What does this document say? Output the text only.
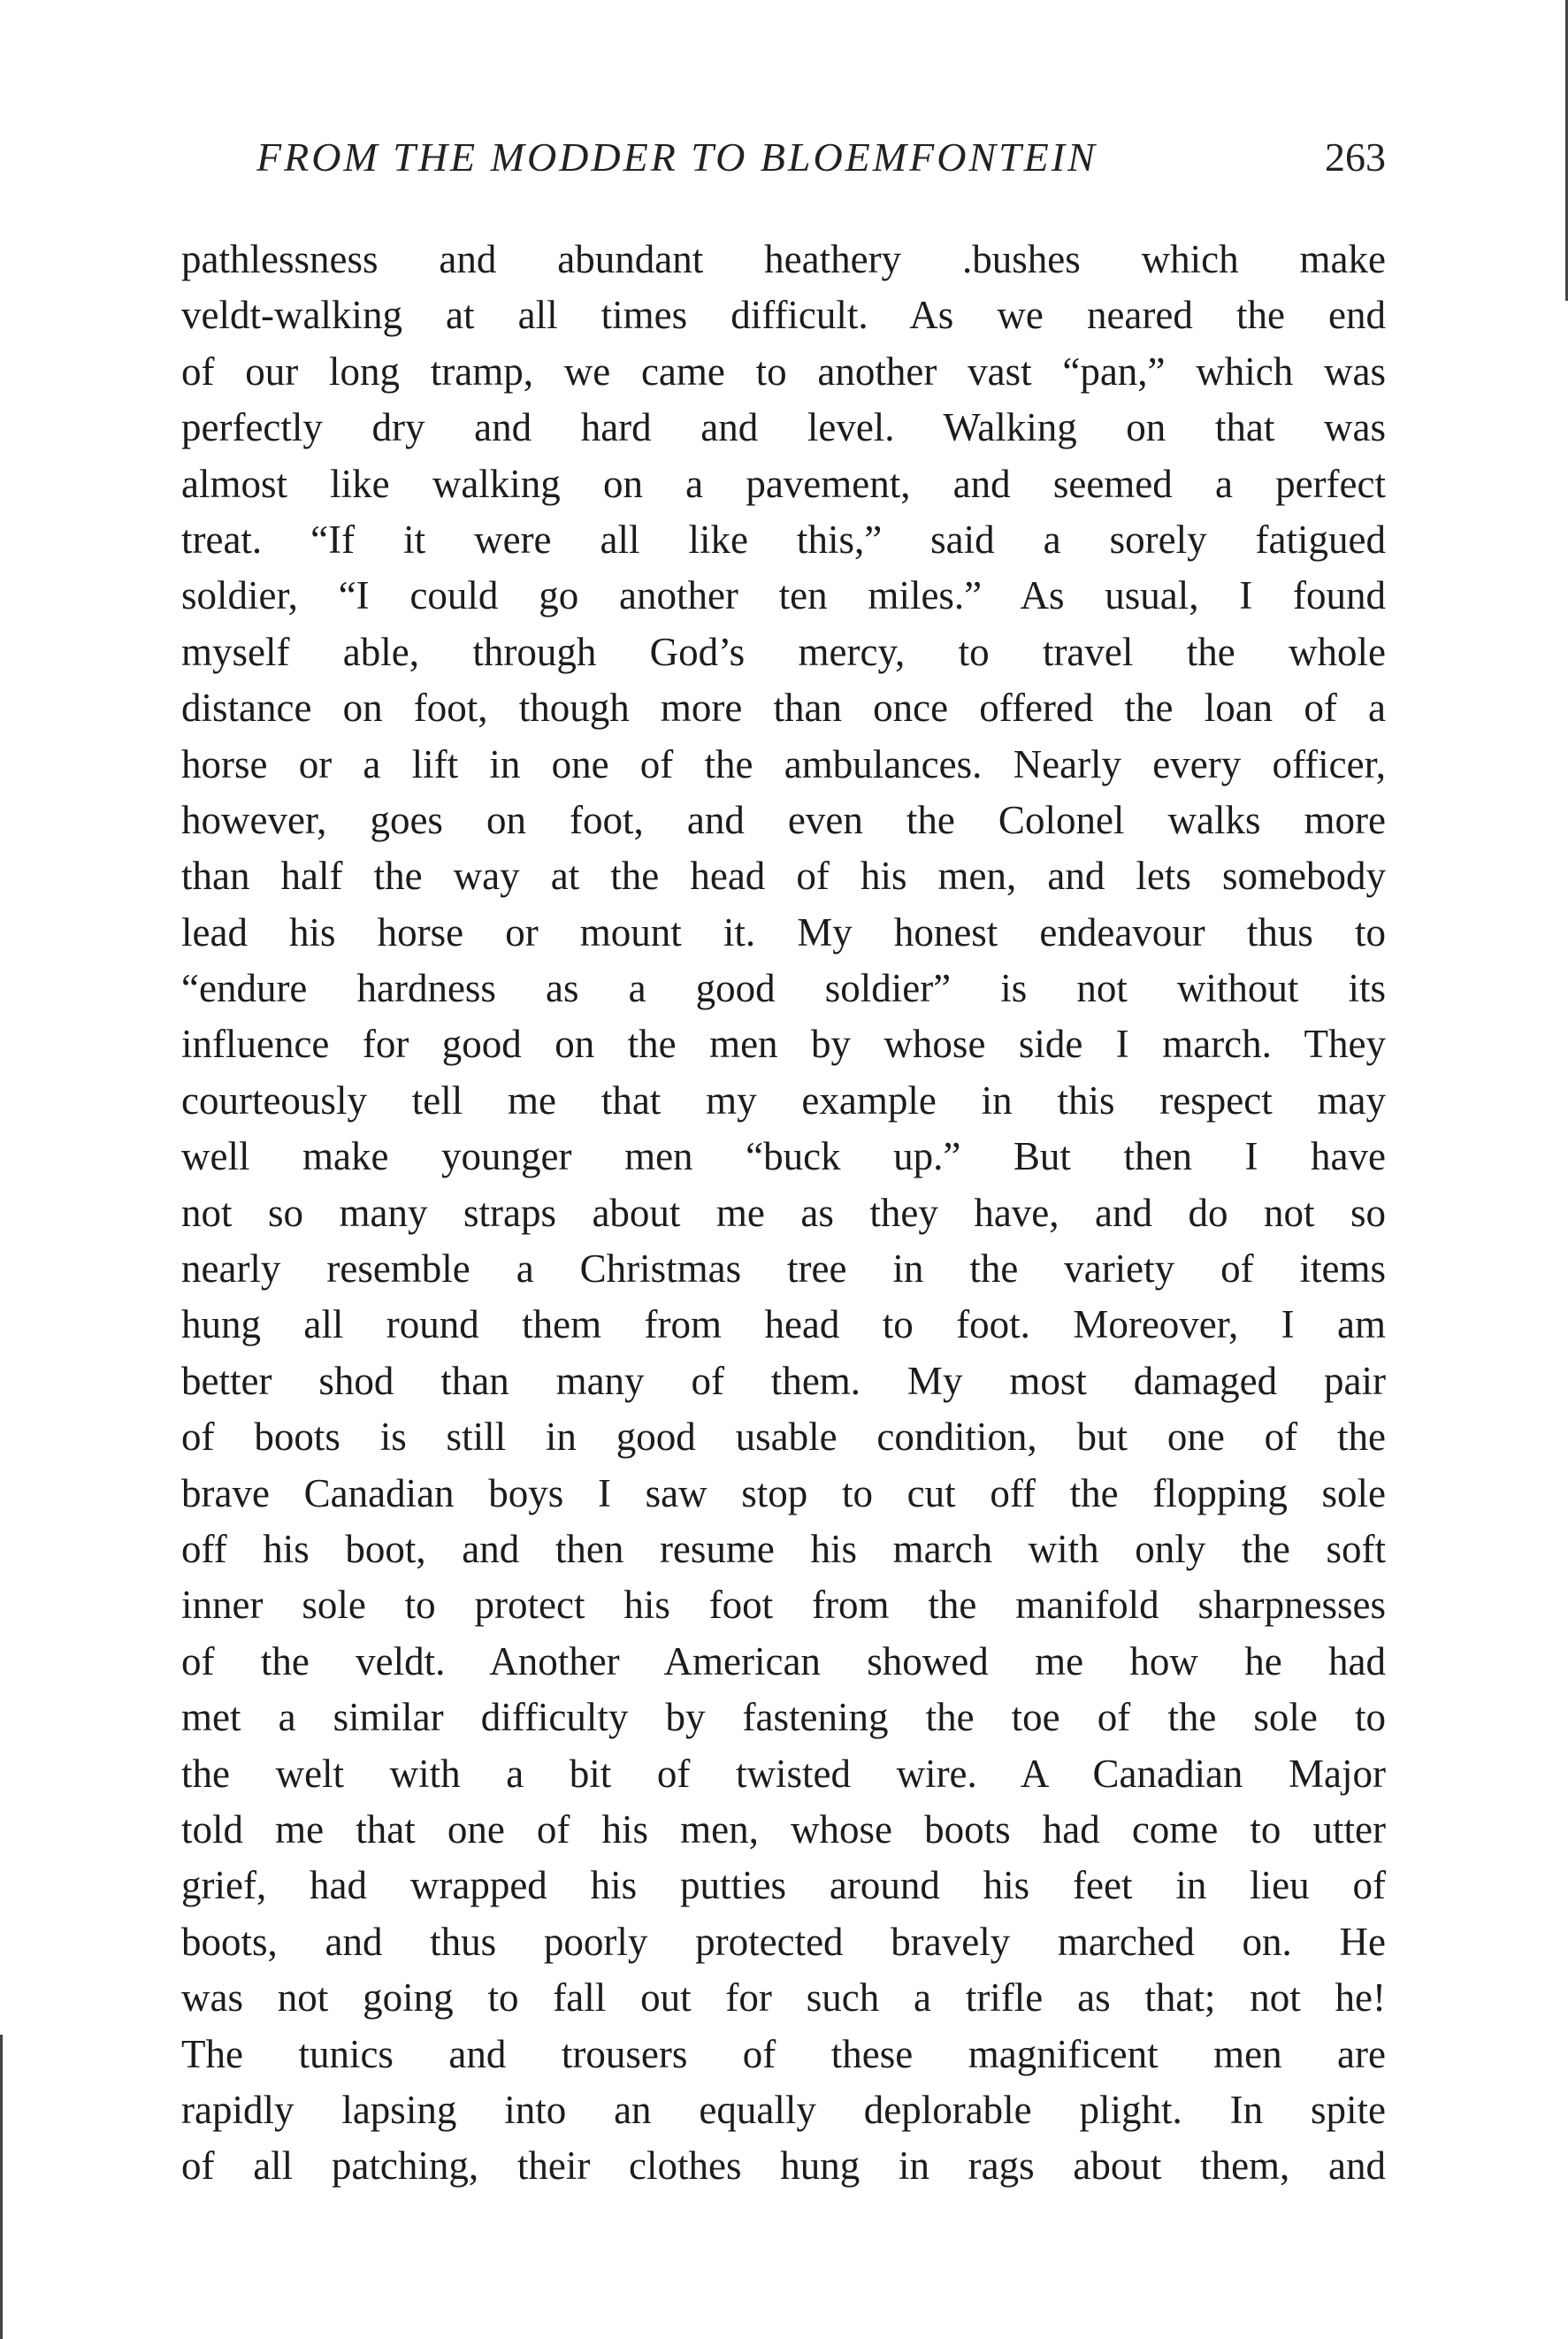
FROM THE MODDER TO BLOEMFONTEIN	263
pathlessness and abundant heathery .bushes which make
veldt-walking at all times difficult. As we neared the end
of our long tramp, we came to another vast “pan,” which was
perfectly dry and hard and level. Walking on that was
almost like walking on a pavement, and seemed a perfect
treat. “If it were all like this,” said a sorely fatigued
soldier, “I could go another ten miles.” As usual, I found
myself able, through God’s mercy, to travel the whole
distance on foot, though more than once offered the loan of a
horse or a lift in one of the ambulances. Nearly every officer,
however, goes on foot, and even the Colonel walks more
than half the way at the head of his men, and lets somebody
lead his horse or mount it. My honest endeavour thus to
“endure hardness as a good soldier” is not without its
influence for good on the men by whose side I march. They
courteously tell me that my example in this respect may
well make younger men “buck up.” But then I have
not so many straps about me as they have, and do not so
nearly resemble a Christmas tree in the variety of items
hung all round them from head to foot. Moreover, I am
better shod than many of them. My most damaged pair
of boots is still in good usable condition, but one of the
brave Canadian boys I saw stop to cut off the flopping sole
off his boot, and then resume his march with only the soft
inner sole to protect his foot from the manifold sharpnesses
of the veldt. Another American showed me how he had
met a similar difficulty by fastening the toe of the sole to
the welt with a bit of twisted wire. A Canadian Major
told me that one of his men, whose boots had come to utter
grief, had wrapped his putties around his feet in lieu of
boots, and thus poorly protected bravely marched on. He
was not going to fall out for such a trifle as that; not he!
The tunics and trousers of these magnificent men are
rapidly lapsing into an equally deplorable plight. In spite
of all patching, their clothes hung in rags about them, and
